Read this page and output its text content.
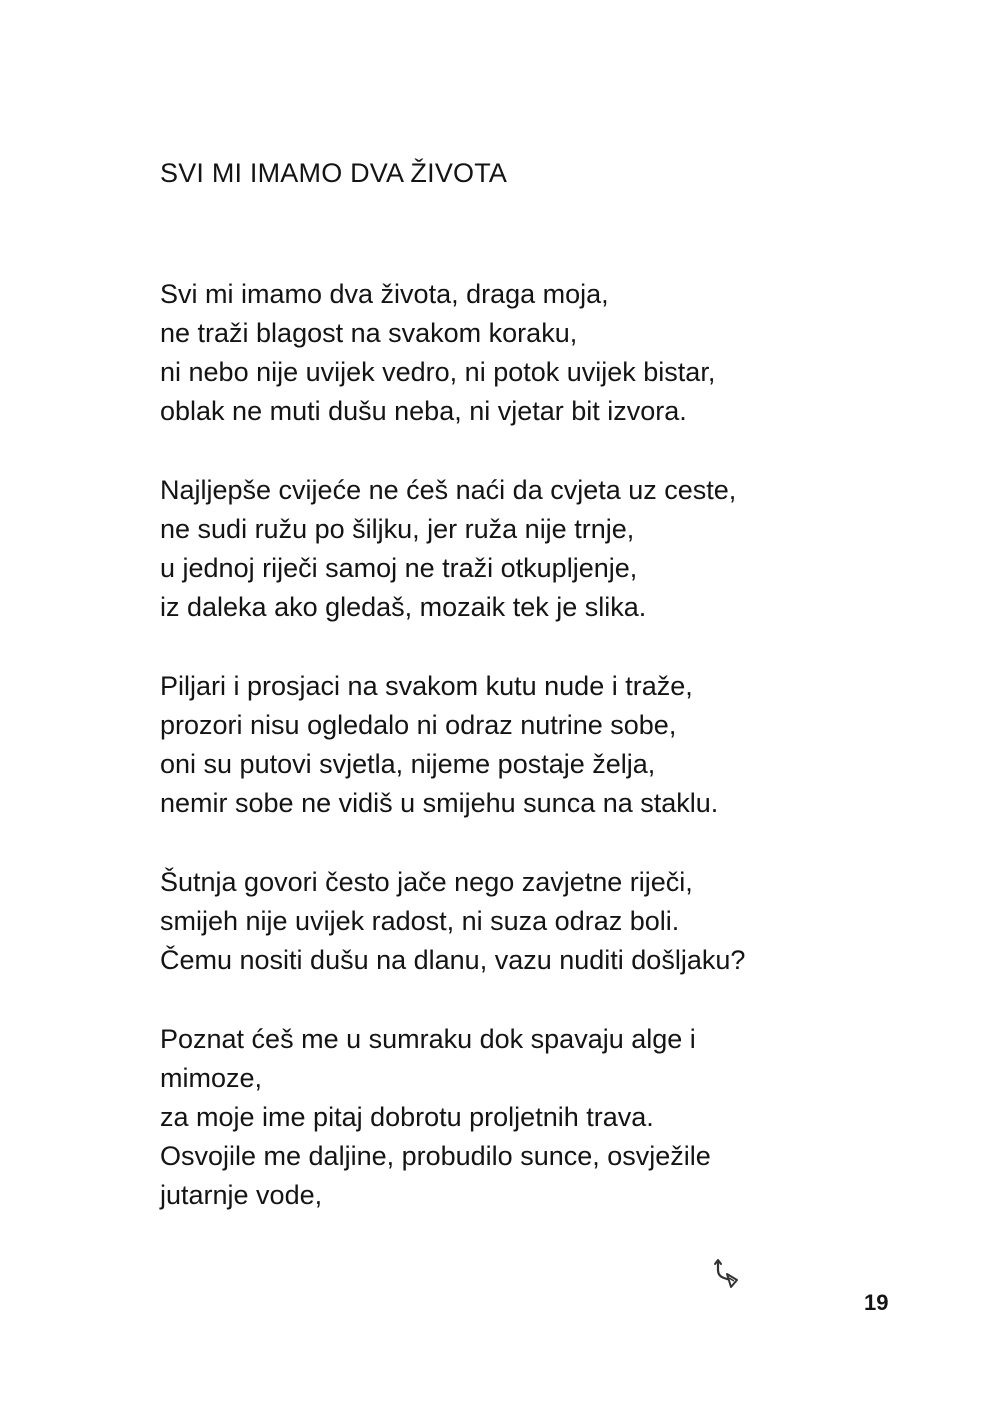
SVI MI IMAMO DVA ŽIVOTA
Svi mi imamo dva života, draga moja,
ne traži blagost na svakom koraku,
ni nebo nije uvijek vedro, ni potok uvijek bistar,
oblak ne muti dušu neba, ni vjetar bit izvora.
Najljepše cvijeće ne ćeš naći da cvjeta uz ceste,
ne sudi ružu po šiljku, jer ruža nije trnje,
u jednoj riječi samoj ne traži otkupljenje,
iz daleka ako gledaš, mozaik tek je slika.
Piljari i prosjaci na svakom kutu nude i traže,
prozori nisu ogledalo ni odraz nutrine sobe,
oni su putovi svjetla, nijeme postaje želja,
nemir sobe ne vidiš u smijehu sunca na staklu.
Šutnja govori često jače nego zavjetne riječi,
smijeh nije uvijek radost, ni suza odraz boli.
Čemu nositi dušu na dlanu, vazu nuditi došljaku?
Poznat ćeš me u sumraku dok spavaju alge i
mimoze,
za moje ime pitaj dobrotu proljetnih trava.
Osvojile me daljine, probudilo sunce, osvježile
jutarnje vode,
19
